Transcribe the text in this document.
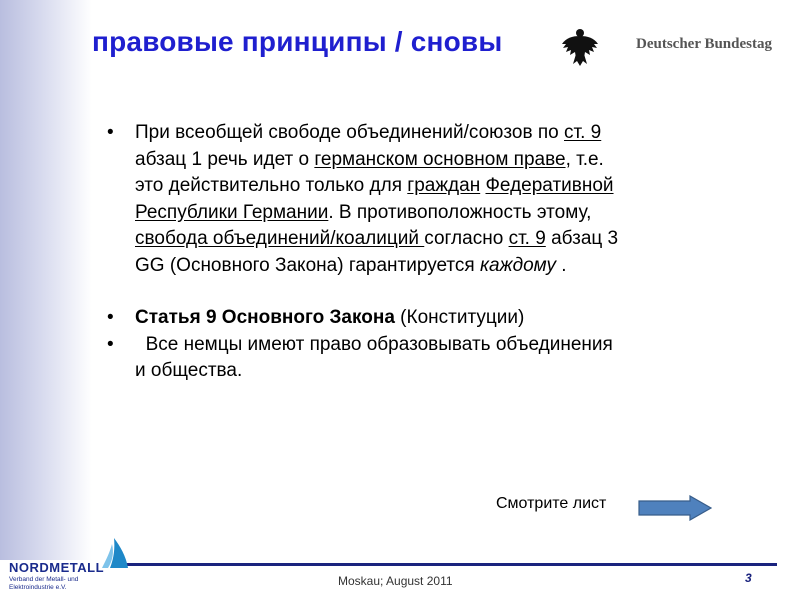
правовые принципы / сновы	Deutscher Bundestag
• При всеобщей свободе объединений/союзов по ст. 9 абзац 1 речь идет о германском основном праве, т.е. это действительно только для граждан Федеративной Республики Германии. В противоположность этому, свобода объединений/коалиций согласно ст. 9 абзац 3 GG (Основного Закона) гарантируется каждому .
• Статья 9 Основного Закона (Конституции)
•   Все немцы имеют право образовывать объединения и общества.
Смотрите лист
NORDMETALL
Verband der Metall- und Elektroindustrie e.V.	Moskau; August 2011	3
